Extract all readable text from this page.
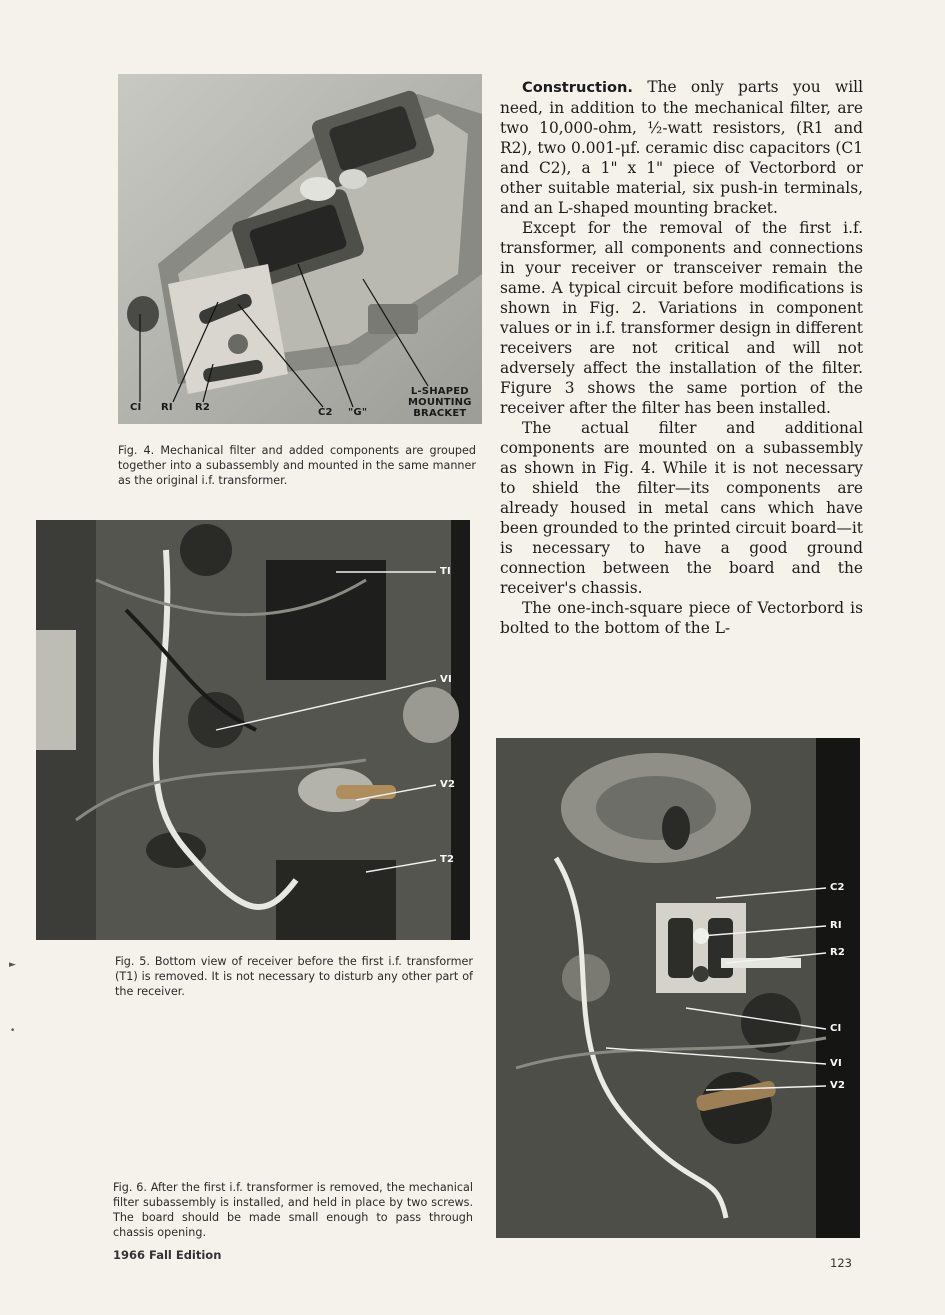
CI RI R2	C2 "G"
L-SHAPED
MOUNTING
BRACKET
Fig. 4. Mechanical filter and added components are grouped together into a subassembly and mounted in the same manner as the original i.f. transformer.
TI
VI
V2
T2
Fig. 5. Bottom view of receiver before the first i.f. transformer (T1) is removed. It is not necessary to disturb any other part of the receiver.
C2
RI
R2
CI
VI
V2
Fig. 6. After the first i.f. transformer is removed, the mechanical filter subassembly is installed, and held in place by two screws. The board should be made small enough to pass through chassis opening.

Construction. The only parts you will need, in addition to the mechanical filter, are two 10,000-ohm, ½-watt resistors, (R1 and R2), two 0.001-μf. ceramic disc capacitors (C1 and C2), a 1" x 1" piece of Vectorbord or other suitable material, six push-in terminals, and an L-shaped mounting bracket.

Except for the removal of the first i.f. transformer, all components and connections in your receiver or transceiver remain the same. A typical circuit before modifications is shown in Fig. 2. Variations in component values or in i.f. transformer design in different receivers are not critical and will not adversely affect the installation of the filter. Figure 3 shows the same portion of the receiver after the filter has been installed.

The actual filter and additional components are mounted on a subassembly as shown in Fig. 4. While it is not necessary to shield the filter—its components are already housed in metal cans which have been grounded to the printed circuit board—it is necessary to have a good ground connection between the board and the receiver's chassis.

The one-inch-square piece of Vectorbord is bolted to the bottom of the L-

►
•
1966 Fall Edition
123
